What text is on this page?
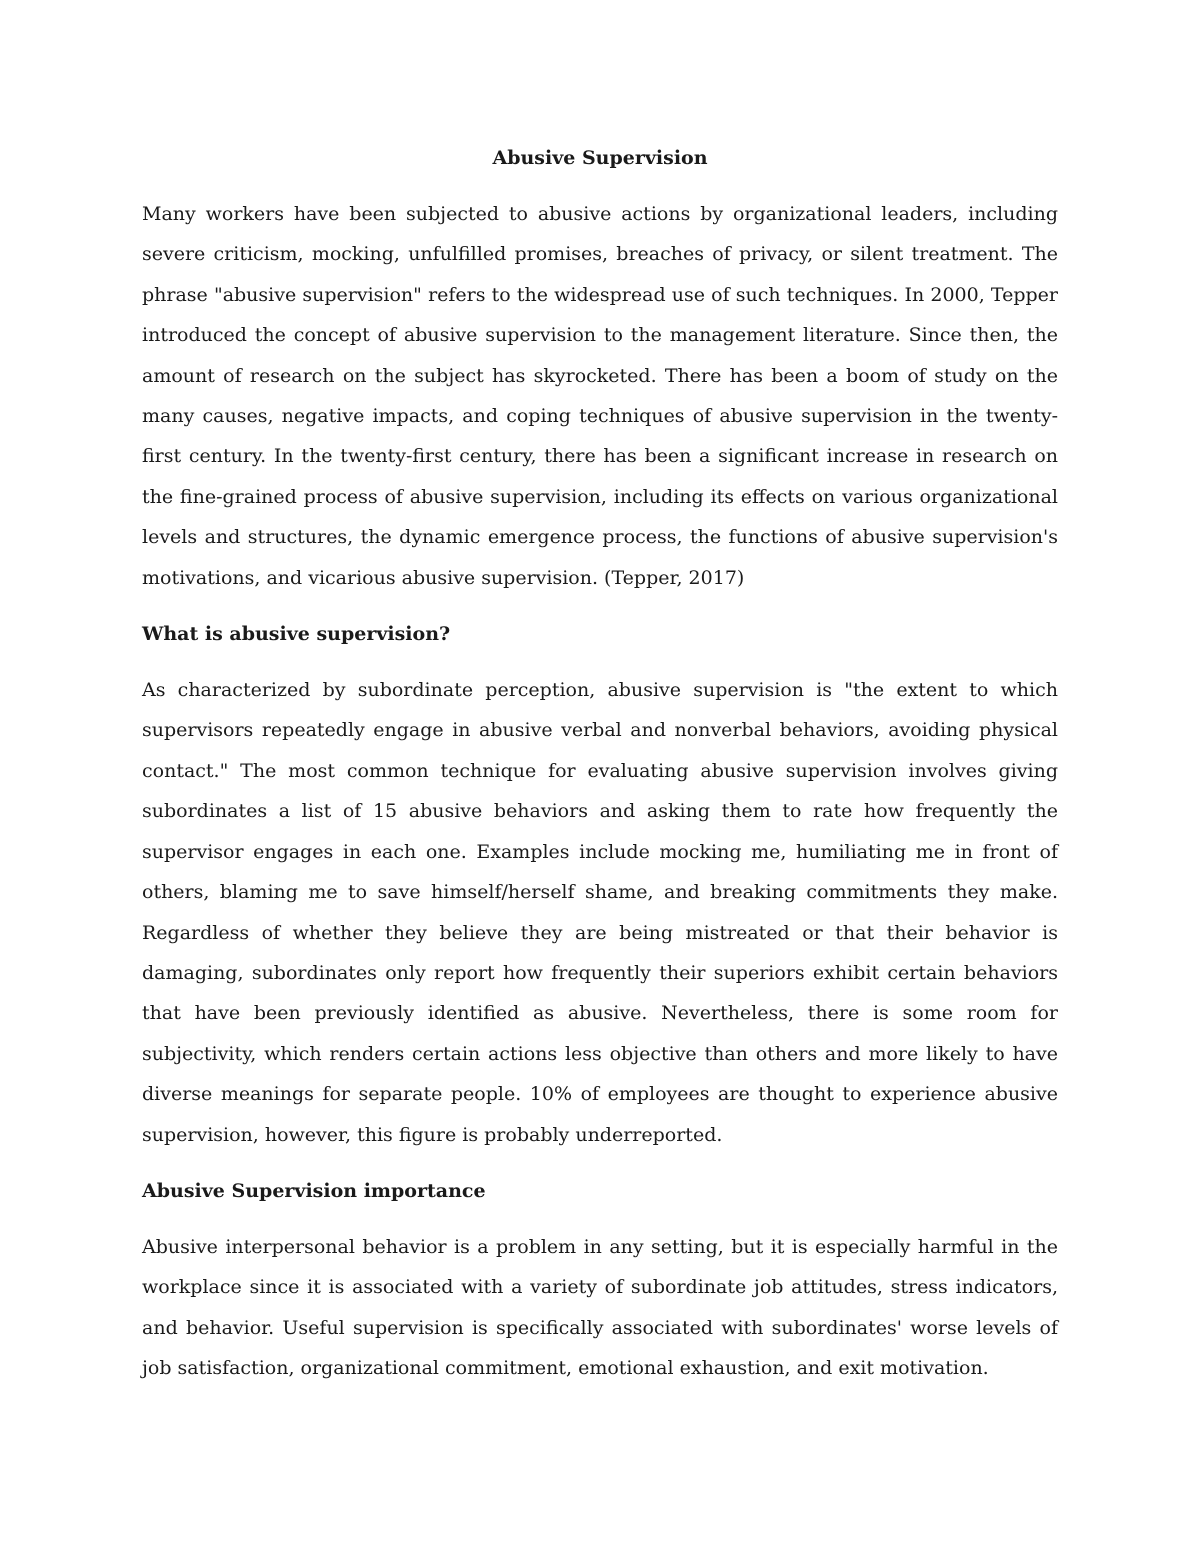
Abusive Supervision

Many workers have been subjected to abusive actions by organizational leaders, including severe criticism, mocking, unfulfilled promises, breaches of privacy, or silent treatment. The phrase "abusive supervision" refers to the widespread use of such techniques. In 2000, Tepper introduced the concept of abusive supervision to the management literature. Since then, the amount of research on the subject has skyrocketed. There has been a boom of study on the many causes, negative impacts, and coping techniques of abusive supervision in the twenty-first century. In the twenty-first century, there has been a significant increase in research on the fine-grained process of abusive supervision, including its effects on various organizational levels and structures, the dynamic emergence process, the functions of abusive supervision's motivations, and vicarious abusive supervision. (Tepper, 2017)

What is abusive supervision?

As characterized by subordinate perception, abusive supervision is "the extent to which supervisors repeatedly engage in abusive verbal and nonverbal behaviors, avoiding physical contact." The most common technique for evaluating abusive supervision involves giving subordinates a list of 15 abusive behaviors and asking them to rate how frequently the supervisor engages in each one. Examples include mocking me, humiliating me in front of others, blaming me to save himself/herself shame, and breaking commitments they make. Regardless of whether they believe they are being mistreated or that their behavior is damaging, subordinates only report how frequently their superiors exhibit certain behaviors that have been previously identified as abusive. Nevertheless, there is some room for subjectivity, which renders certain actions less objective than others and more likely to have diverse meanings for separate people. 10% of employees are thought to experience abusive supervision, however, this figure is probably underreported.

Abusive Supervision importance

Abusive interpersonal behavior is a problem in any setting, but it is especially harmful in the workplace since it is associated with a variety of subordinate job attitudes, stress indicators, and behavior. Useful supervision is specifically associated with subordinates' worse levels of job satisfaction, organizational commitment, emotional exhaustion, and exit motivation.
